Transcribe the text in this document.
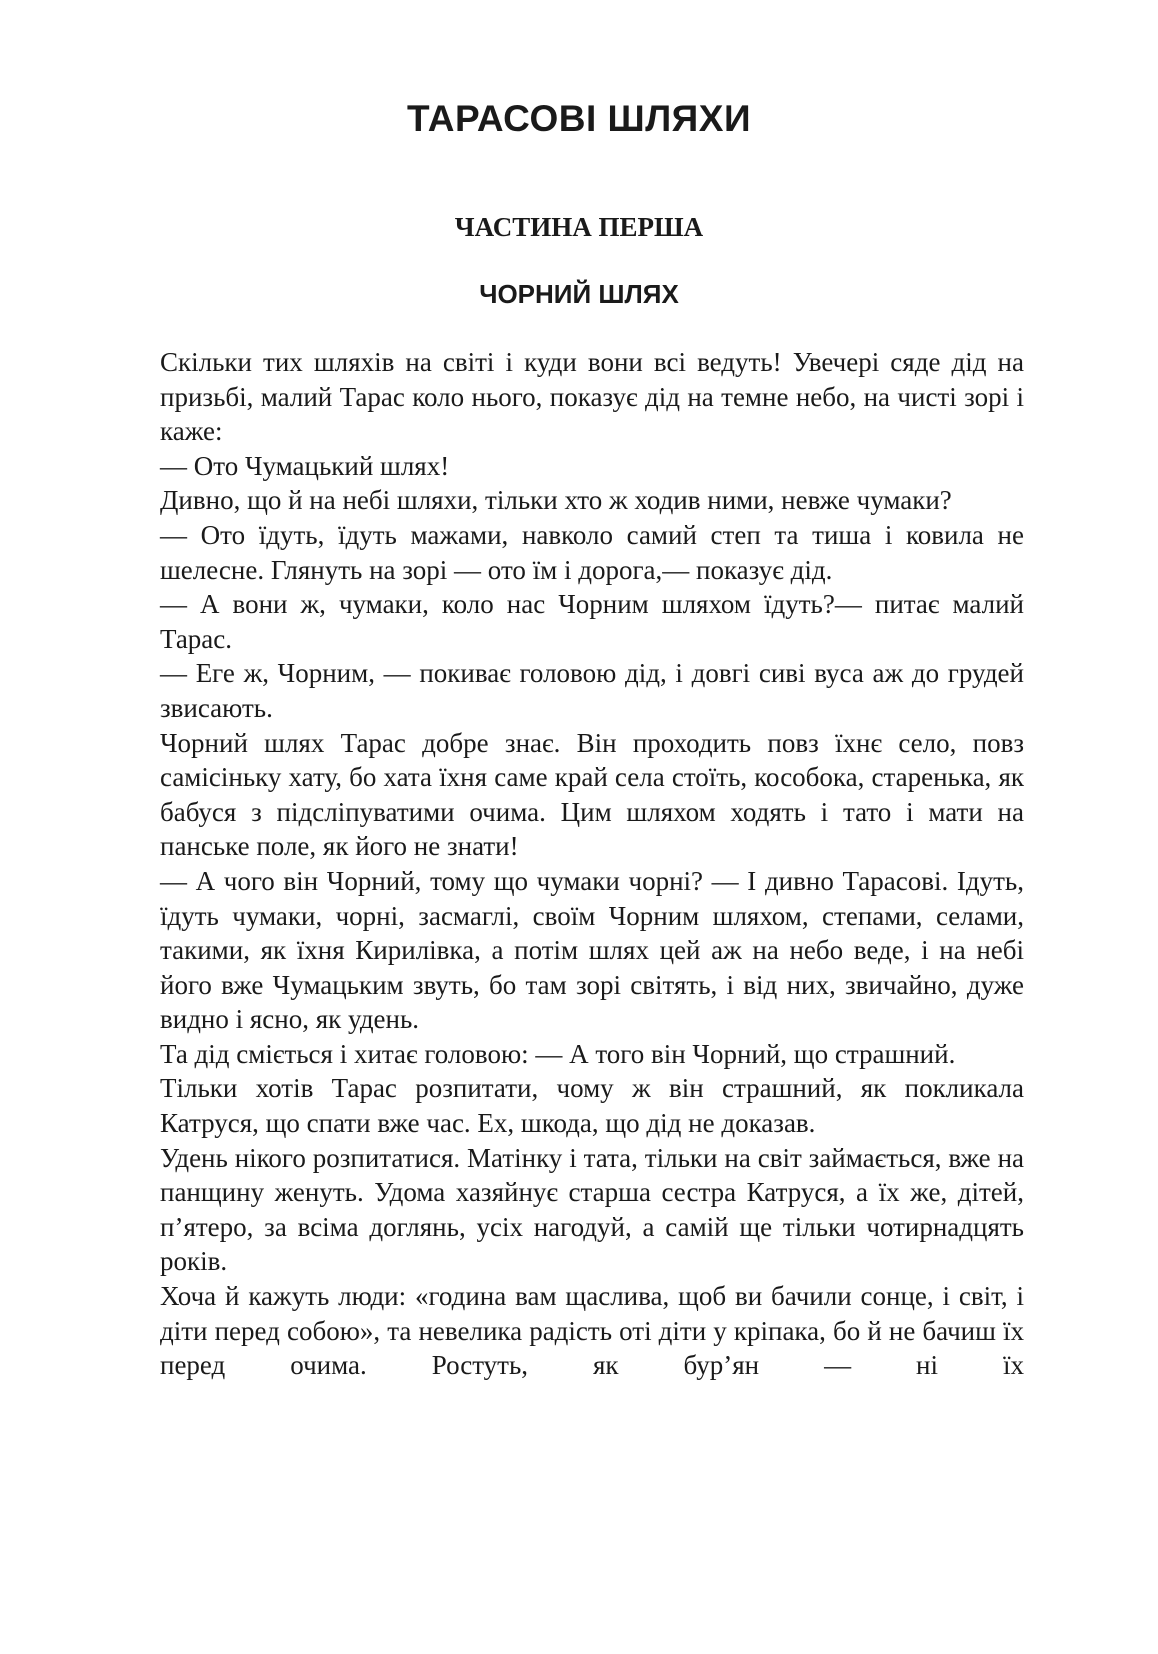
ТАРАСОВІ ШЛЯХИ
ЧАСТИНА ПЕРША
ЧОРНИЙ ШЛЯХ

Скільки тих шляхів на світі і куди вони всі ведуть! Увечері сяде дід на призьбі, малий Тарас коло нього, показує дід на темне небо, на чисті зорі і каже:

— Ото Чумацький шлях!

Дивно, що й на небі шляхи, тільки хто ж ходив ними, невже чумаки?

— Ото їдуть, їдуть мажами, навколо самий степ та тиша і ковила не шелесне. Глянуть на зорі — ото їм і дорога,— показує дід.

— А вони ж, чумаки, коло нас Чорним шляхом їдуть?— питає малий Тарас.

— Еге ж, Чорним, — покиває головою дід, і довгі сиві вуса аж до грудей звисають.

Чорний шлях Тарас добре знає. Він проходить повз їхнє село, повз самісіньку хату, бо хата їхня саме край села стоїть, кособока, старенька, як бабуся з підсліпуватими очима. Цим шляхом ходять і тато і мати на панське поле, як його не знати!

— А чого він Чорний, тому що чумаки чорні? — І дивно Тарасові. Ідуть, їдуть чумаки, чорні, засмаглі, своїм Чорним шляхом, степами, селами, такими, як їхня Кирилівка, а потім шлях цей аж на небо веде, і на небі його вже Чумацьким звуть, бо там зорі світять, і від них, звичайно, дуже видно і ясно, як удень.

Та дід сміється і хитає головою: — А того він Чорний, що страшний.

Тільки хотів Тарас розпитати, чому ж він страшний, як покликала Катруся, що спати вже час. Ех, шкода, що дід не доказав.

Удень нікого розпитатися. Матінку і тата, тільки на світ займається, вже на панщину женуть. Удома хазяйнує старша сестра Катруся, а їх же, дітей, п’ятеро, за всіма доглянь, усіх нагодуй, а самій ще тільки чотирнадцять років.

Хоча й кажуть люди: «година вам щаслива, щоб ви бачили сонце, і світ, і діти перед собою», та невелика радість оті діти у кріпака, бо й не бачиш їх перед очима. Ростуть, як бур’ян — ні їх
